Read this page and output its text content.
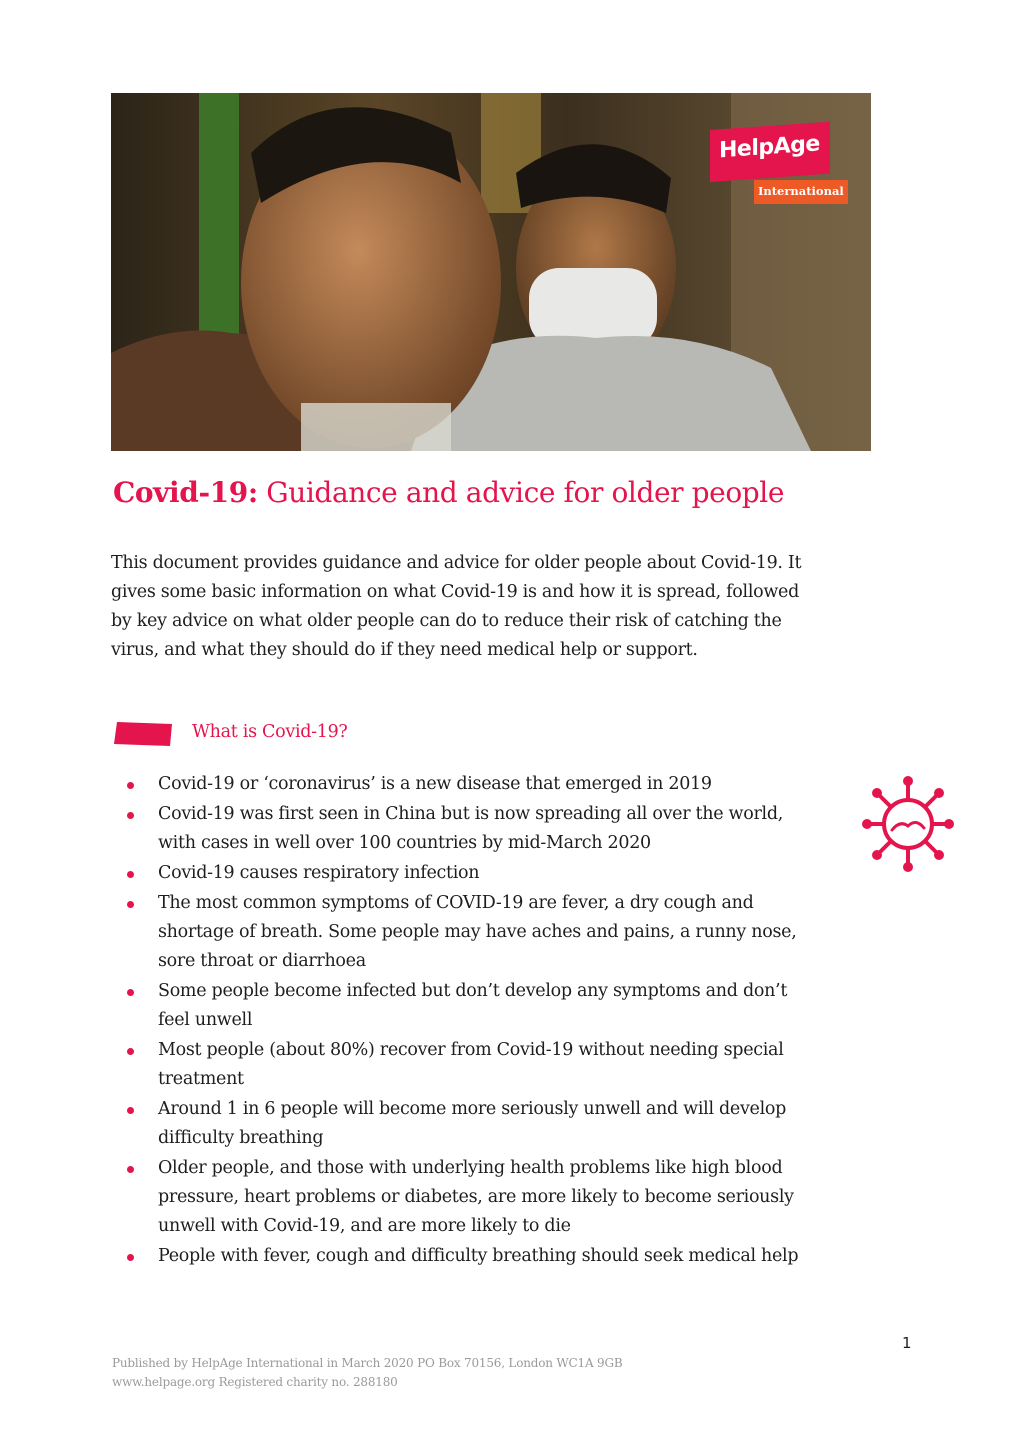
HelpAge
International
Covid-19: Guidance and advice for older people

This document provides guidance and advice for older people about Covid-19. It gives some basic information on what Covid-19 is and how it is spread, followed by key advice on what older people can do to reduce their risk of catching the virus, and what they should do if they need medical help or support.

What is Covid-19?
Covid-19 or ‘coronavirus’ is a new disease that emerged in 2019
Covid-19 was first seen in China but is now spreading all over the world, with cases in well over 100 countries by mid-March 2020
Covid-19 causes respiratory infection
The most common symptoms of COVID-19 are fever, a dry cough and shortage of breath. Some people may have aches and pains, a runny nose, sore throat or diarrhoea
Some people become infected but don’t develop any symptoms and don’t feel unwell
Most people (about 80%) recover from Covid-19 without needing special treatment
Around 1 in 6 people will become more seriously unwell and will develop difficulty breathing
Older people, and those with underlying health problems like high blood pressure, heart problems or diabetes, are more likely to become seriously unwell with Covid-19, and are more likely to die
People with fever, cough and difficulty breathing should seek medical help
1
Published by HelpAge International in March 2020 PO Box 70156, London WC1A 9GB
www.helpage.org Registered charity no. 288180
